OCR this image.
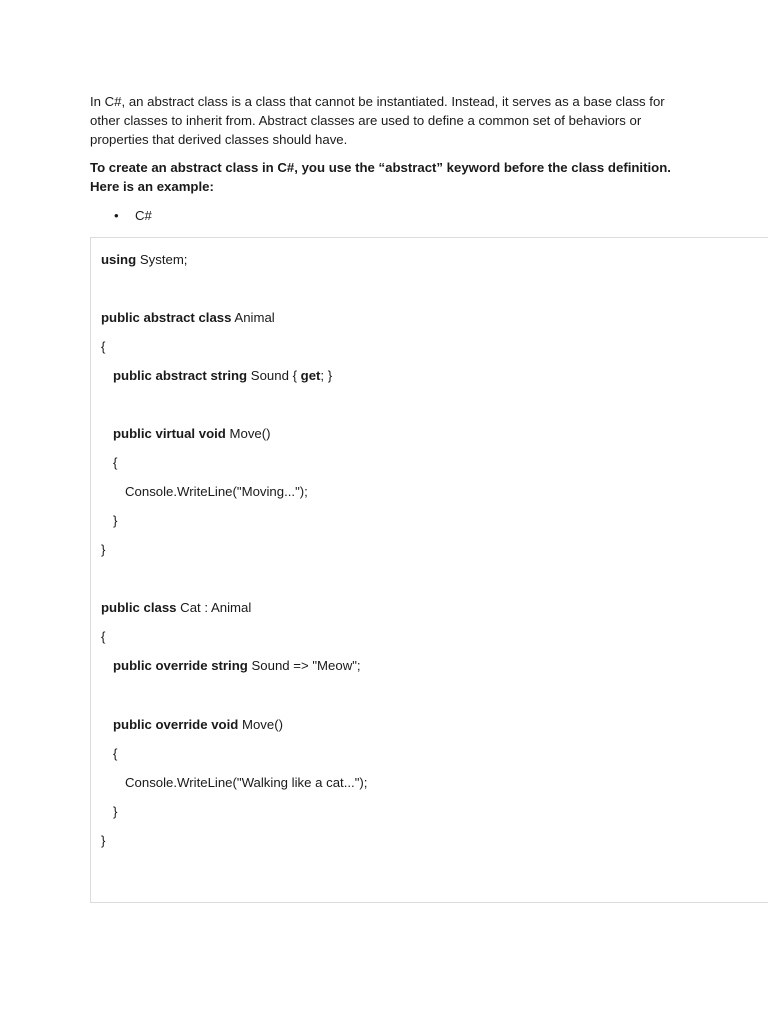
In C#, an abstract class is a class that cannot be instantiated. Instead, it serves as a base class for other classes to inherit from. Abstract classes are used to define a common set of behaviors or properties that derived classes should have.

To create an abstract class in C#, you use the “abstract” keyword before the class definition. Here is an example:

• C#
using System;
public abstract class Animal
{
public abstract string Sound { get; }
public virtual void Move()
{
Console.WriteLine("Moving...");
}
}
public class Cat : Animal
{
public override string Sound => "Meow";
public override void Move()
{
Console.WriteLine("Walking like a cat...");
}
}
